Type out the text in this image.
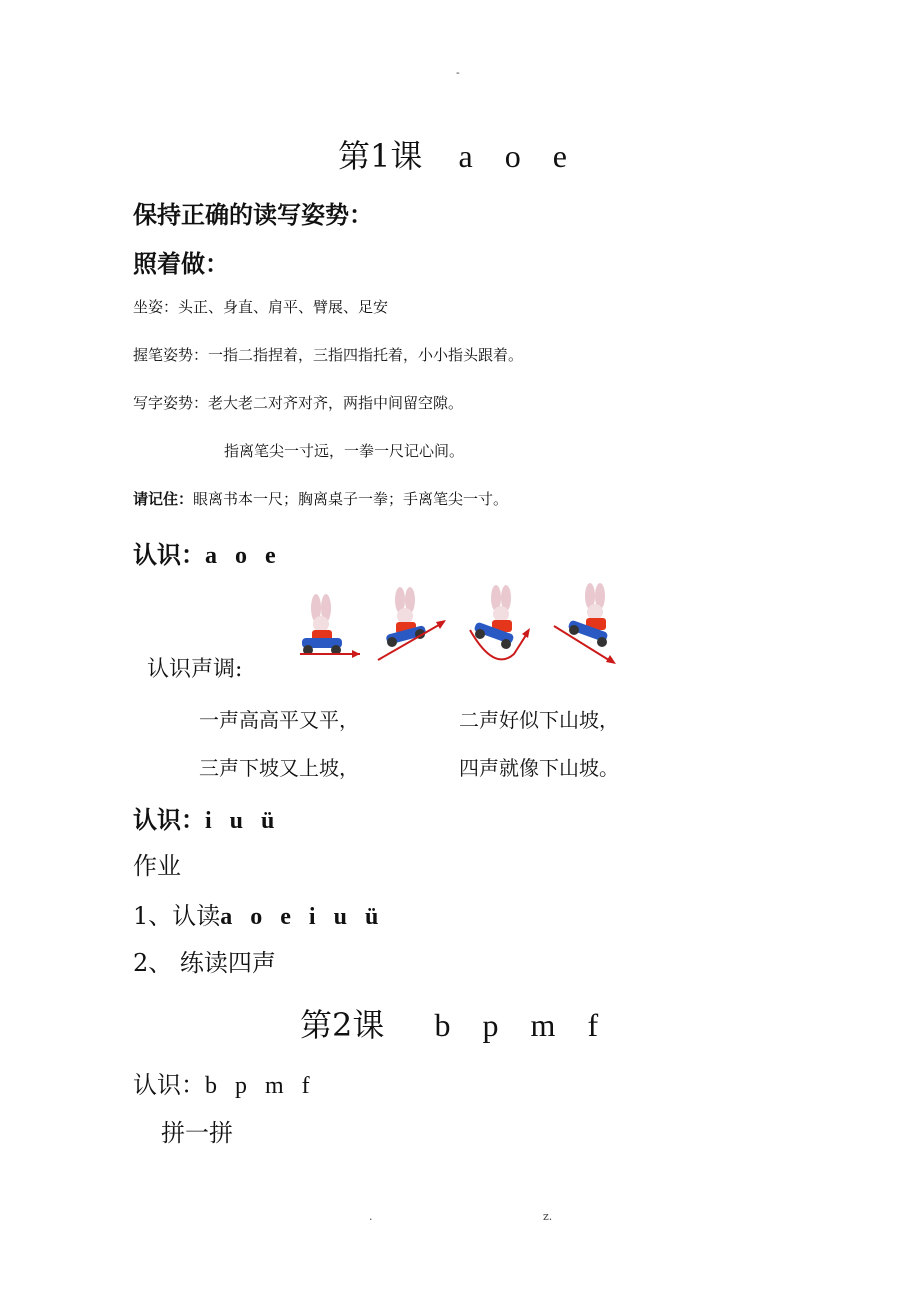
-
第1课 a   o   e
保持正确的读写姿势：
照着做：
坐姿：头正、身直、肩平、臂展、足安
握笔姿势：一指二指捏着，三指四指托着，小小指头跟着。
写字姿势：老大老二对齐对齐，两指中间留空隙。
指离笔尖一寸远，一拳一尺记心间。
请记住：眼离书本一尺；胸离桌子一拳；手离笔尖一寸。
认识：a   o   e
认识声调:
一声高高平又平，	二声好似下山坡，
三声下坡又上坡，	四声就像下山坡。
认识：i   u   ü
作业
1、认读a   o   e   i   u   ü
2、 练读四声
第2课 b   p   m   f
认识：b   p   m   f
拼一拼
.	z.
